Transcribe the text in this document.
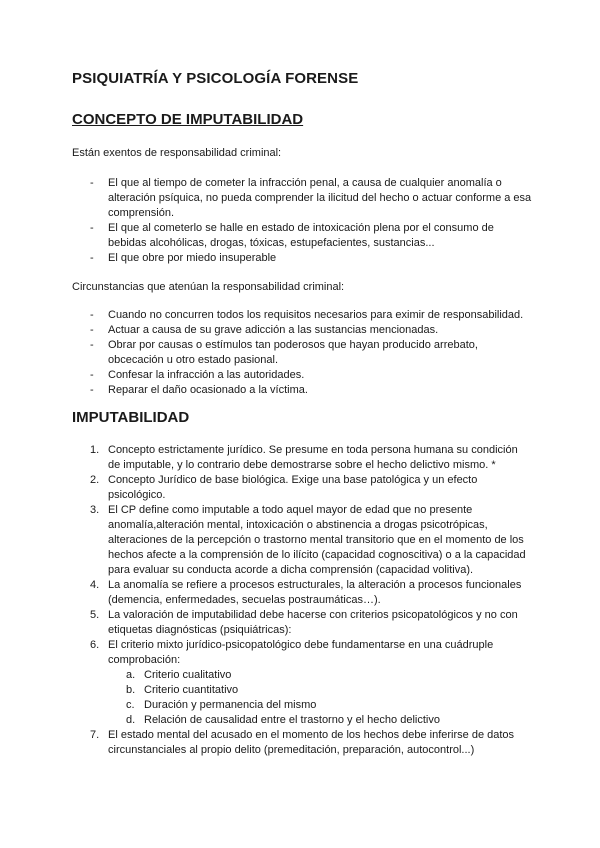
PSIQUIATRÍA Y PSICOLOGÍA FORENSE
CONCEPTO DE IMPUTABILIDAD
Están exentos de responsabilidad criminal:
- El que al tiempo de cometer la infracción penal, a causa de cualquier anomalía o alteración psíquica, no pueda comprender la ilicitud del hecho o actuar conforme a esa comprensión.
- El que al cometerlo se halle en estado de intoxicación plena por el consumo de bebidas alcohólicas, drogas, tóxicas, estupefacientes, sustancias...
- El que obre por miedo insuperable
Circunstancias que atenúan la responsabilidad criminal:
- Cuando no concurren todos los requisitos necesarios para eximir de responsabilidad.
- Actuar a causa de su grave adicción a las sustancias mencionadas.
- Obrar por causas o estímulos tan poderosos que hayan producido arrebato, obcecación u otro estado pasional.
- Confesar la infracción a las autoridades.
- Reparar el daño ocasionado a la víctima.
IMPUTABILIDAD
1. Concepto estrictamente jurídico. Se presume en toda persona humana su condición de imputable, y lo contrario debe demostrarse sobre el hecho delictivo mismo. *
2. Concepto Jurídico de base biológica. Exige una base patológica y un efecto psicológico.
3. El CP define como imputable a todo aquel mayor de edad que no presente anomalía,alteración mental, intoxicación o abstinencia a drogas psicotrópicas, alteraciones de la percepción o trastorno mental transitorio que en el momento de los hechos afecte a la comprensión de lo ilícito (capacidad cognoscitiva) o a la capacidad para evaluar su conducta acorde a dicha comprensión (capacidad volitiva).
4. La anomalía se refiere a procesos estructurales, la alteración a procesos funcionales (demencia, enfermedades, secuelas postraumáticas…).
5. La valoración de imputabilidad debe hacerse con criterios psicopatológicos y no con etiquetas diagnósticas (psiquiátricas):
6. El criterio mixto jurídico-psicopatológico debe fundamentarse en una cuádruple comprobación:
a. Criterio cualitativo
b. Criterio cuantitativo
c. Duración y permanencia del mismo
d. Relación de causalidad entre el trastorno y el hecho delictivo
7. El estado mental del acusado en el momento de los hechos debe inferirse de datos circunstanciales al propio delito (premeditación, preparación, autocontrol...)
